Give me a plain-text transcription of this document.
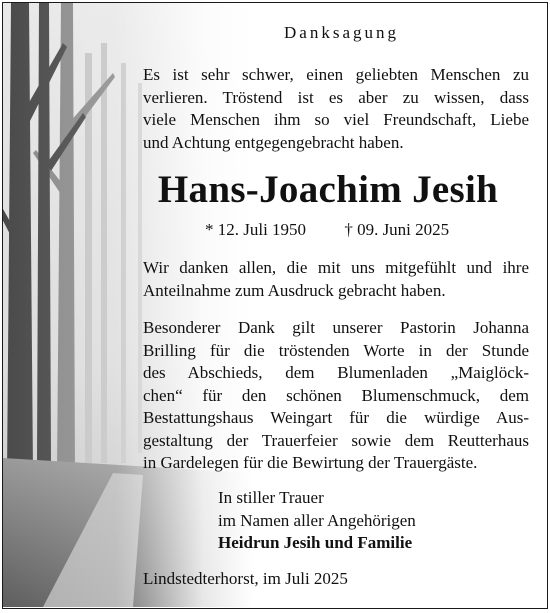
Danksagung
Es ist sehr schwer, einen geliebten Menschen zu
verlieren. Tröstend ist es aber zu wissen, dass
viele Menschen ihm so viel Freundschaft, Liebe
und Achtung entgegengebracht haben.
Hans-Joachim Jesih
* 12. Juli 1950 † 09. Juni 2025
Wir danken allen, die mit uns mitgefühlt und ihre
Anteilnahme zum Ausdruck gebracht haben.
Besonderer Dank gilt unserer Pastorin Johanna
Brilling für die tröstenden Worte in der Stunde
des Abschieds, dem Blumenladen „Maiglöck-
chen“ für den schönen Blumenschmuck, dem
Bestattungshaus Weingart für die würdige Aus-
gestaltung der Trauerfeier sowie dem Reutterhaus
in Gardelegen für die Bewirtung der Trauergäste.
In stiller Trauer
im Namen aller Angehörigen
Heidrun Jesih und Familie
Lindstedterhorst, im Juli 2025
